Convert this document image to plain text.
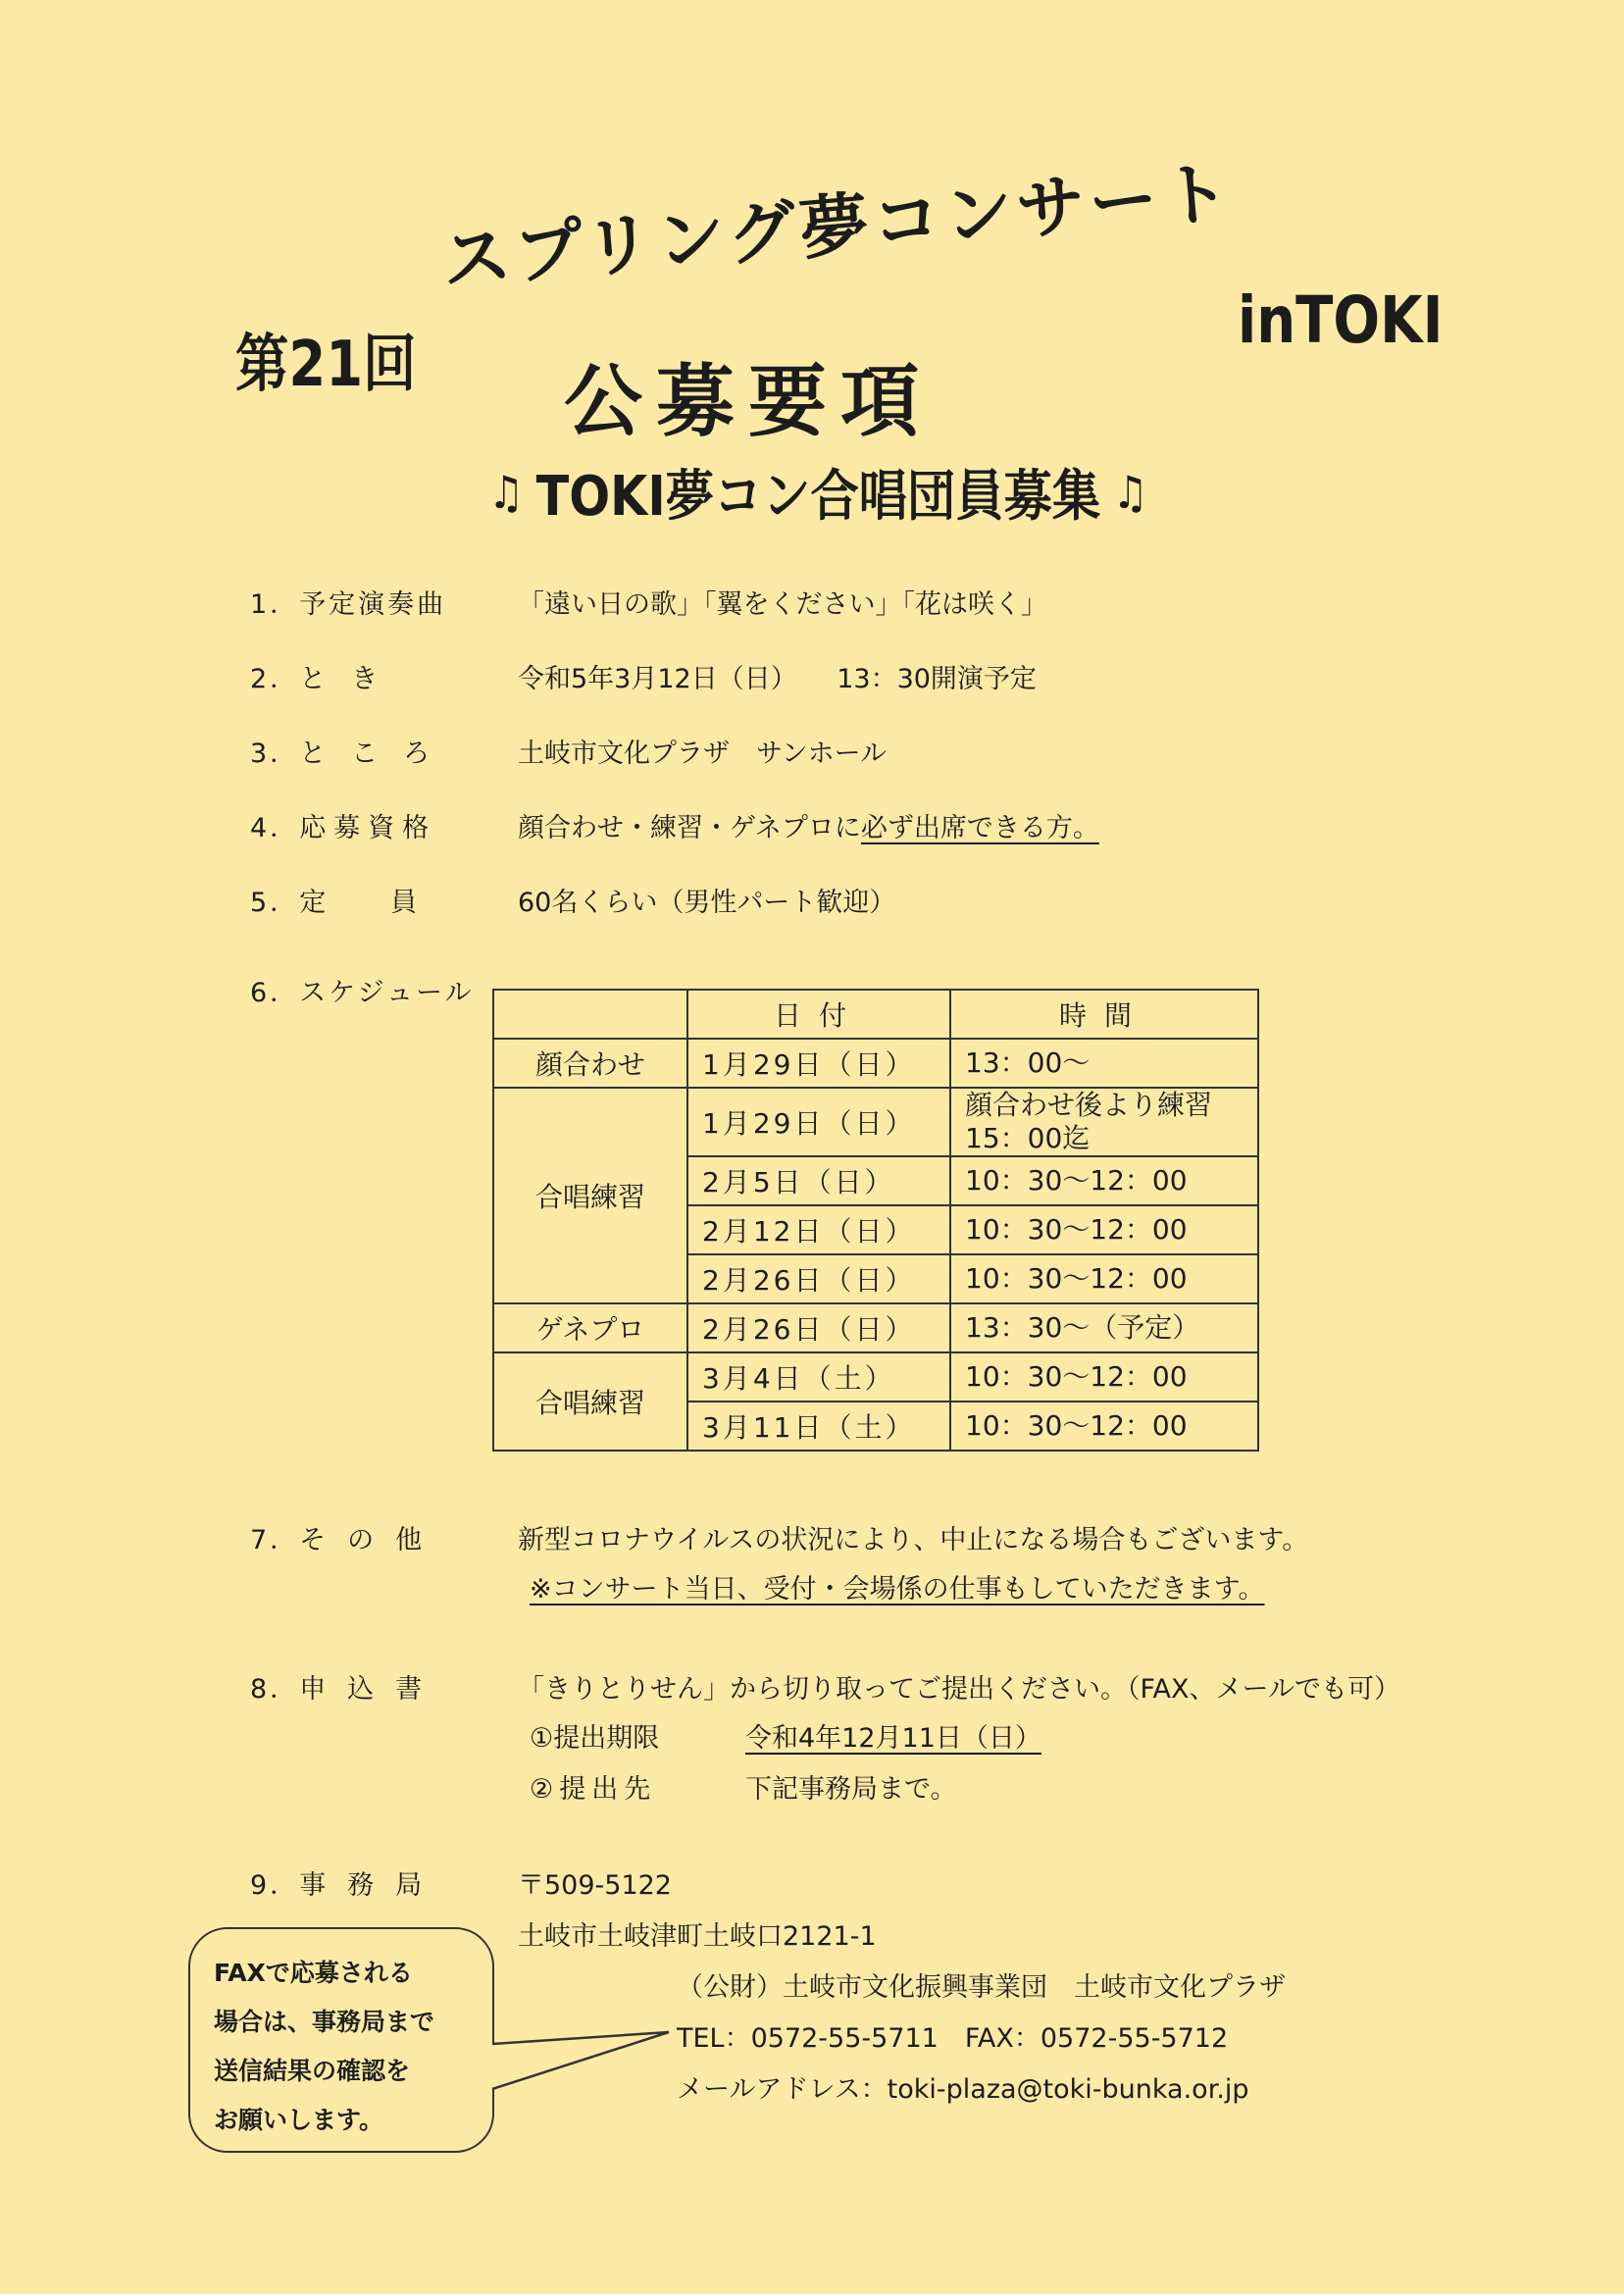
スプリング夢コンサート
第21回
inTOKI
公募要項
♫ TOKI夢コン合唱団員募集 ♫
1．予定演奏曲	「遠い日の歌」「翼をください」「花は咲く」
2．とき	令和5年3月12日（日）　　13：30開演予定
3．ところ 土岐市文化プラザ　サンホール
4．応募資格	顔合わせ・練習・ゲネプロに必ず出席できる方。
5．定員 60名くらい（男性パート歓迎）
6．スケジュール
	日付	時間
顔合わせ	1月29日（日）	13：00～
合唱練習	1月29日（日）	顔合わせ後より練習
15：00迄

	2月5日（日）	10：30～12：00
	2月12日（日）	10：30～12：00
	2月26日（日）	10：30～12：00
ゲネプロ	2月26日（日）	13：30～（予定）
合唱練習	3月4日（土）	10：30～12：00
	3月11日（土）	10：30～12：00
7．その他	新型コロナウイルスの状況により、中止になる場合もございます。
※コンサート当日、受付・会場係の仕事もしていただきます。
8．申込書	「きりとりせん」から切り取ってご提出ください。（FAX、メールでも可）
①提出期限	令和4年12月11日（日）
②提出先	下記事務局まで。
9．事務局	〒509-5122
土岐市土岐津町土岐口2121-1
（公財）土岐市文化振興事業団　土岐市文化プラザ
TEL：0572-55-5711　FAX：0572-55-5712
メールアドレス：toki-plaza@toki-bunka.or.jp
FAXで応募される
場合は、事務局まで
送信結果の確認を
お願いします。
